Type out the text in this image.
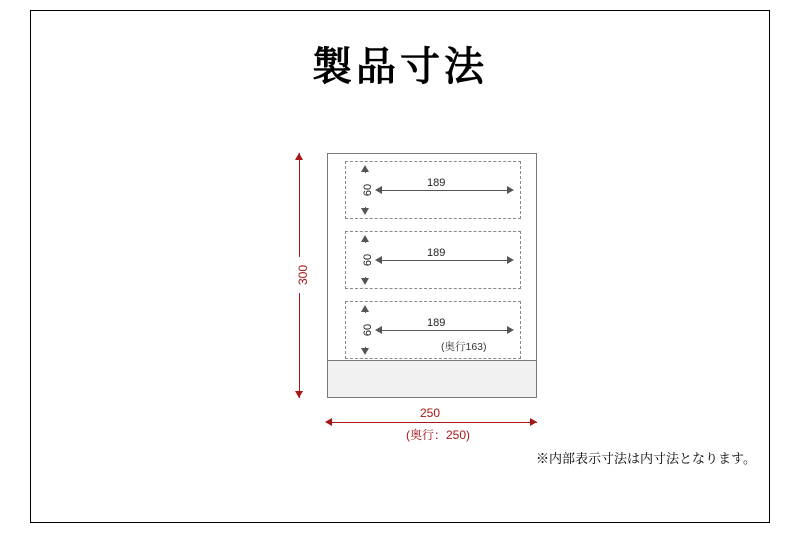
製品寸法
300
60
189
60
189
60
189
(奥行163)
250
(奥行：250)
※内部表示寸法は内寸法となります。
